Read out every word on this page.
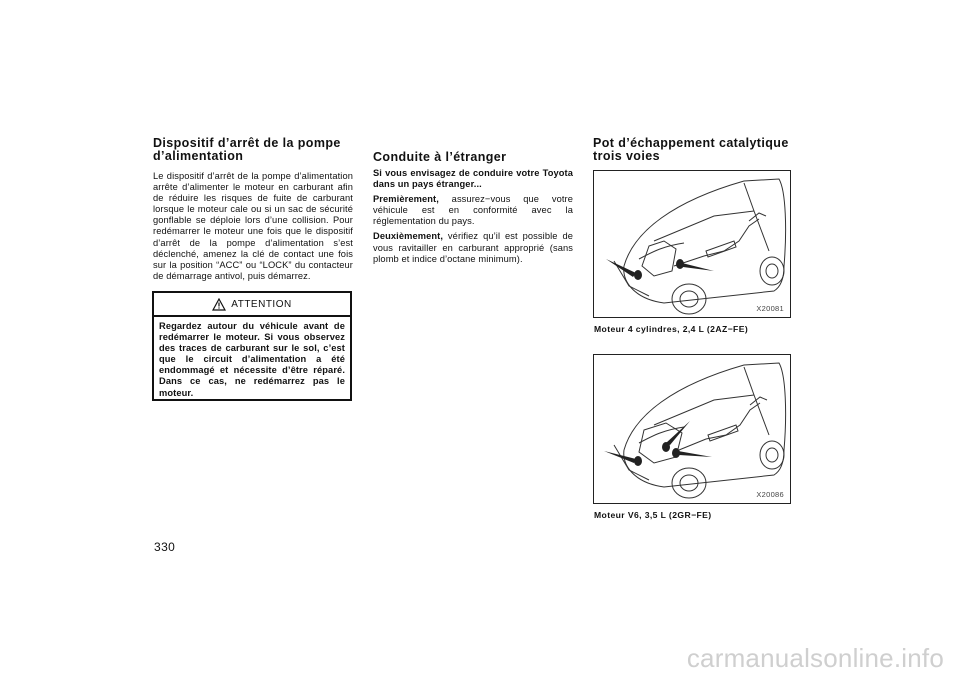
Dispositif d’arrêt de la pompe
d’alimentation

Le dispositif d’arrêt de la pompe d’alimentation arrête d’alimenter le moteur en carburant afin de réduire les risques de fuite de carburant lorsque le moteur cale ou si un sac de sécurité gonflable se déploie lors d’une collision. Pour redémarrer le moteur une fois que le dispositif d’arrêt de la pompe d’alimentation s’est déclenché, amenez la clé de contact une fois sur la position “ACC” ou “LOCK” du contacteur de démarrage antivol, puis démarrez.

ATTENTION
Regardez autour du véhicule avant de redémarrer le moteur. Si vous observez des traces de carburant sur le sol, c’est que le circuit d’alimentation a été endommagé et nécessite d’être réparé. Dans ce cas, ne redémarrez pas le moteur.
Conduite à l’étranger

Si vous envisagez de conduire votre Toyota dans un pays étranger...

Premièrement, assurez−vous que votre véhicule est en conformité avec la réglementation du pays.

Deuxièmement, vérifiez qu’il est possible de vous ravitailler en carburant approprié (sans plomb et indice d’octane minimum).

Pot d’échappement catalytique
trois voies
X20081
Moteur 4 cylindres, 2,4 L (2AZ−FE)
X20086
Moteur V6, 3,5 L (2GR−FE)
330
carmanualsonline.info
